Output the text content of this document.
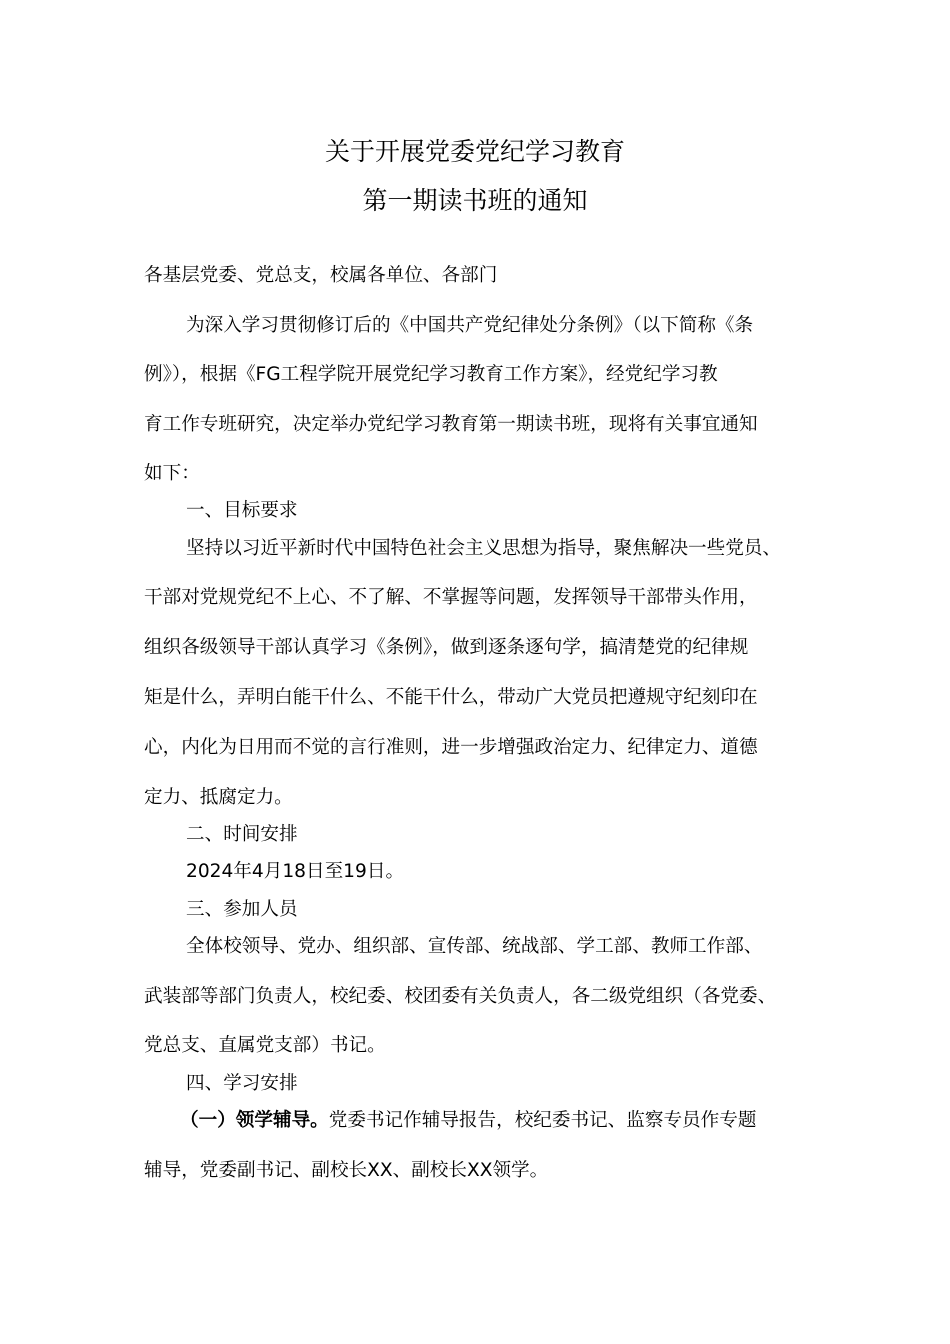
关于开展党委党纪学习教育
第一期读书班的通知
各基层党委、党总支，校属各单位、各部门
为深入学习贯彻修订后的《中国共产党纪律处分条例》（以下简称《条
例》），根据《FG工程学院开展党纪学习教育工作方案》，经党纪学习教
育工作专班研究，决定举办党纪学习教育第一期读书班，现将有关事宜通知
如下：
一、目标要求
坚持以习近平新时代中国特色社会主义思想为指导，聚焦解决一些党员、
干部对党规党纪不上心、不了解、不掌握等问题，发挥领导干部带头作用，
组织各级领导干部认真学习《条例》，做到逐条逐句学，搞清楚党的纪律规
矩是什么，弄明白能干什么、不能干什么，带动广大党员把遵规守纪刻印在
心，内化为日用而不觉的言行准则，进一步增强政治定力、纪律定力、道德
定力、抵腐定力。
二、时间安排
2024年4月18日至19日。
三、参加人员
全体校领导、党办、组织部、宣传部、统战部、学工部、教师工作部、
武装部等部门负责人，校纪委、校团委有关负责人，各二级党组织（各党委、
党总支、直属党支部）书记。
四、学习安排
（一）领学辅导。党委书记作辅导报告，校纪委书记、监察专员作专题
辅导，党委副书记、副校长XX、副校长XX领学。
